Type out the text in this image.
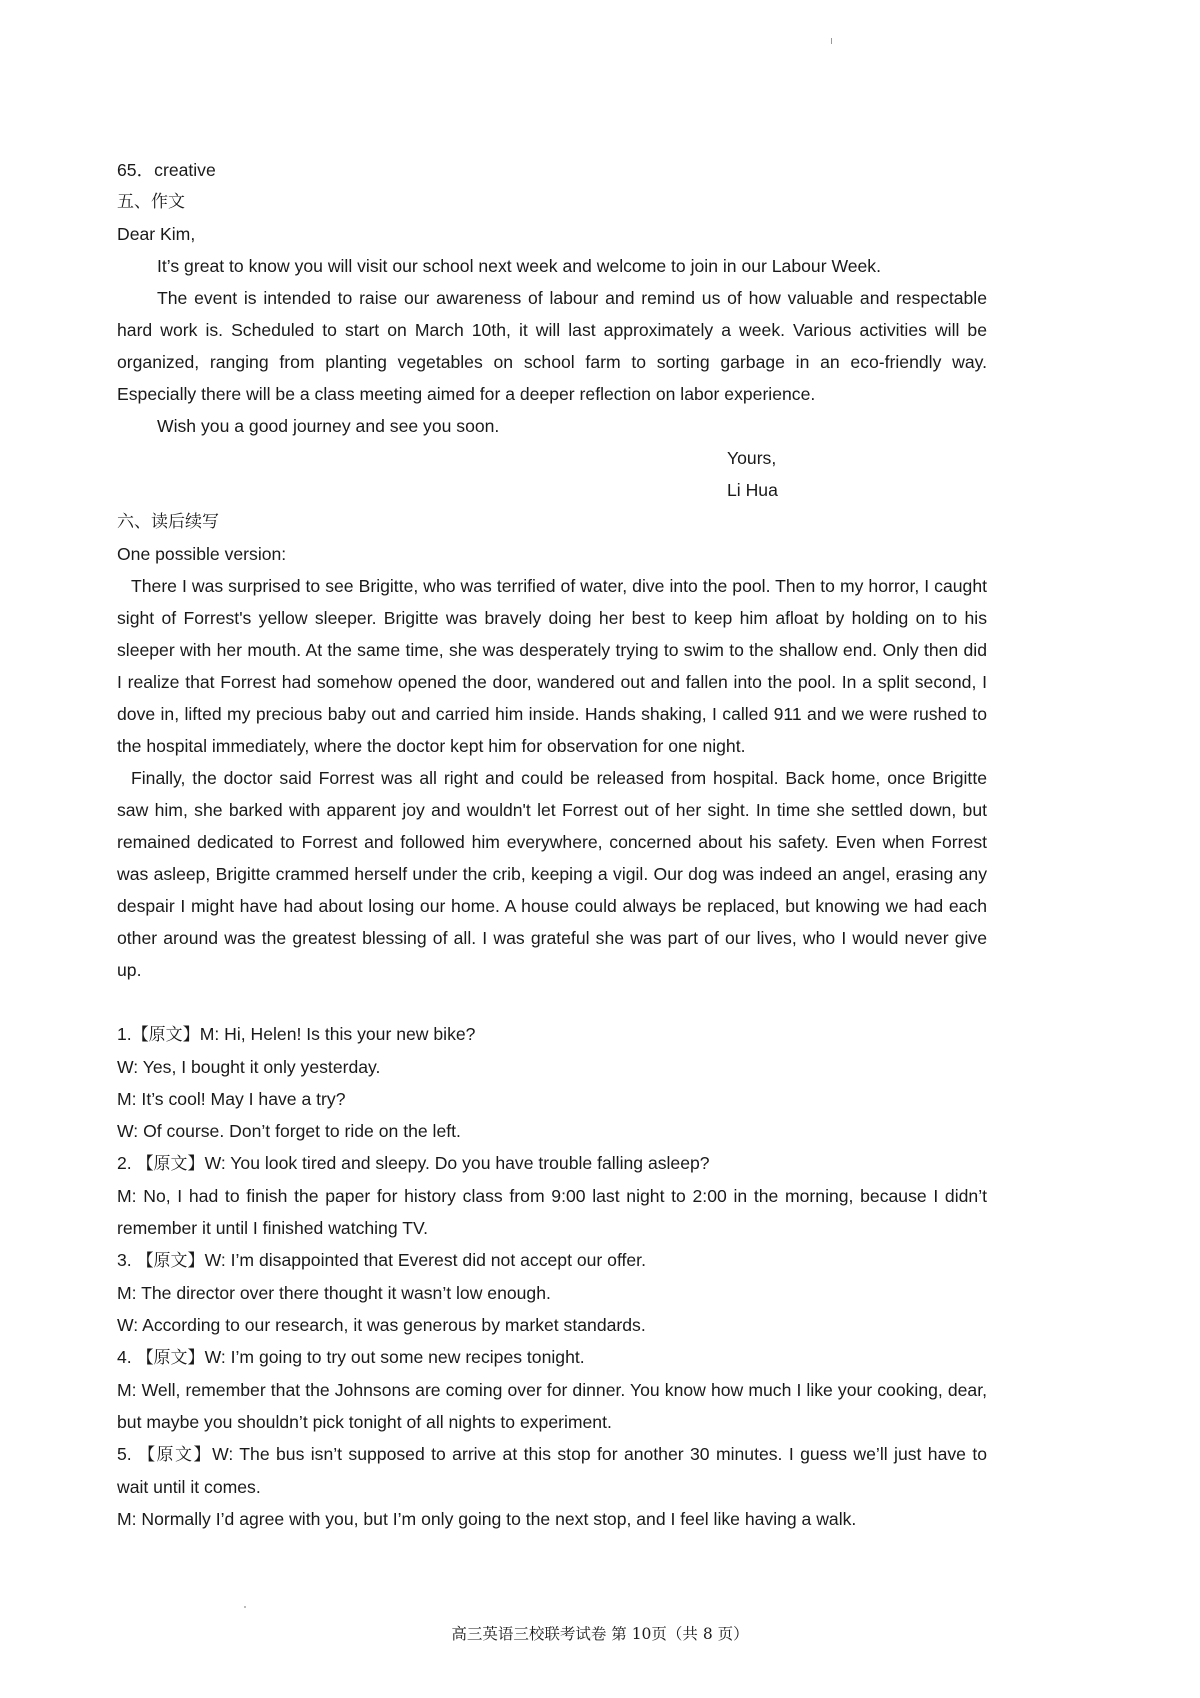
65．creative

五、作文

Dear Kim,

It’s great to know you will visit our school next week and welcome to join in our Labour Week.

The event is intended to raise our awareness of labour and remind us of how valuable and respectable hard work is. Scheduled to start on March 10th, it will last approximately a week. Various activities will be organized, ranging from planting vegetables on school farm to sorting garbage in an eco-friendly way. Especially there will be a class meeting aimed for a deeper reflection on labor experience.

Wish you a good journey and see you soon.

Yours,

Li Hua

六、读后续写

One possible version:

There I was surprised to see Brigitte, who was terrified of water, dive into the pool. Then to my horror, I caught sight of Forrest's yellow sleeper. Brigitte was bravely doing her best to keep him afloat by holding on to his sleeper with her mouth. At the same time, she was desperately trying to swim to the shallow end. Only then did I realize that Forrest had somehow opened the door, wandered out and fallen into the pool. In a split second, I dove in, lifted my precious baby out and carried him inside. Hands shaking, I called 911 and we were rushed to the hospital immediately, where the doctor kept him for observation for one night.

Finally, the doctor said Forrest was all right and could be released from hospital. Back home, once Brigitte saw him, she barked with apparent joy and wouldn't let Forrest out of her sight. In time she settled down, but remained dedicated to Forrest and followed him everywhere, concerned about his safety. Even when Forrest was asleep, Brigitte crammed herself under the crib, keeping a vigil. Our dog was indeed an angel, erasing any despair I might have had about losing our home. A house could always be replaced, but knowing we had each other around was the greatest blessing of all. I was grateful she was part of our lives, who I would never give up.

1.【原文】M: Hi, Helen! Is this your new bike?

W: Yes, I bought it only yesterday.

M: It’s cool! May I have a try?

W: Of course. Don’t forget to ride on the left.

2. 【原文】W: You look tired and sleepy. Do you have trouble falling asleep?

M: No, I had to finish the paper for history class from 9:00 last night to 2:00 in the morning, because I didn’t remember it until I finished watching TV.

3. 【原文】W: I’m disappointed that Everest did not accept our offer.

M: The director over there thought it wasn’t low enough.

W: According to our research, it was generous by market standards.

4. 【原文】W: I’m going to try out some new recipes tonight.

M: Well, remember that the Johnsons are coming over for dinner. You know how much I like your cooking, dear, but maybe you shouldn’t pick tonight of all nights to experiment.

5. 【原文】W: The bus isn’t supposed to arrive at this stop for another 30 minutes. I guess we’ll just have to wait until it comes.

M: Normally I’d agree with you, but I’m only going to the next stop, and I feel like having a walk.

高三英语三校联考试卷 第 10页（共 8 页）
